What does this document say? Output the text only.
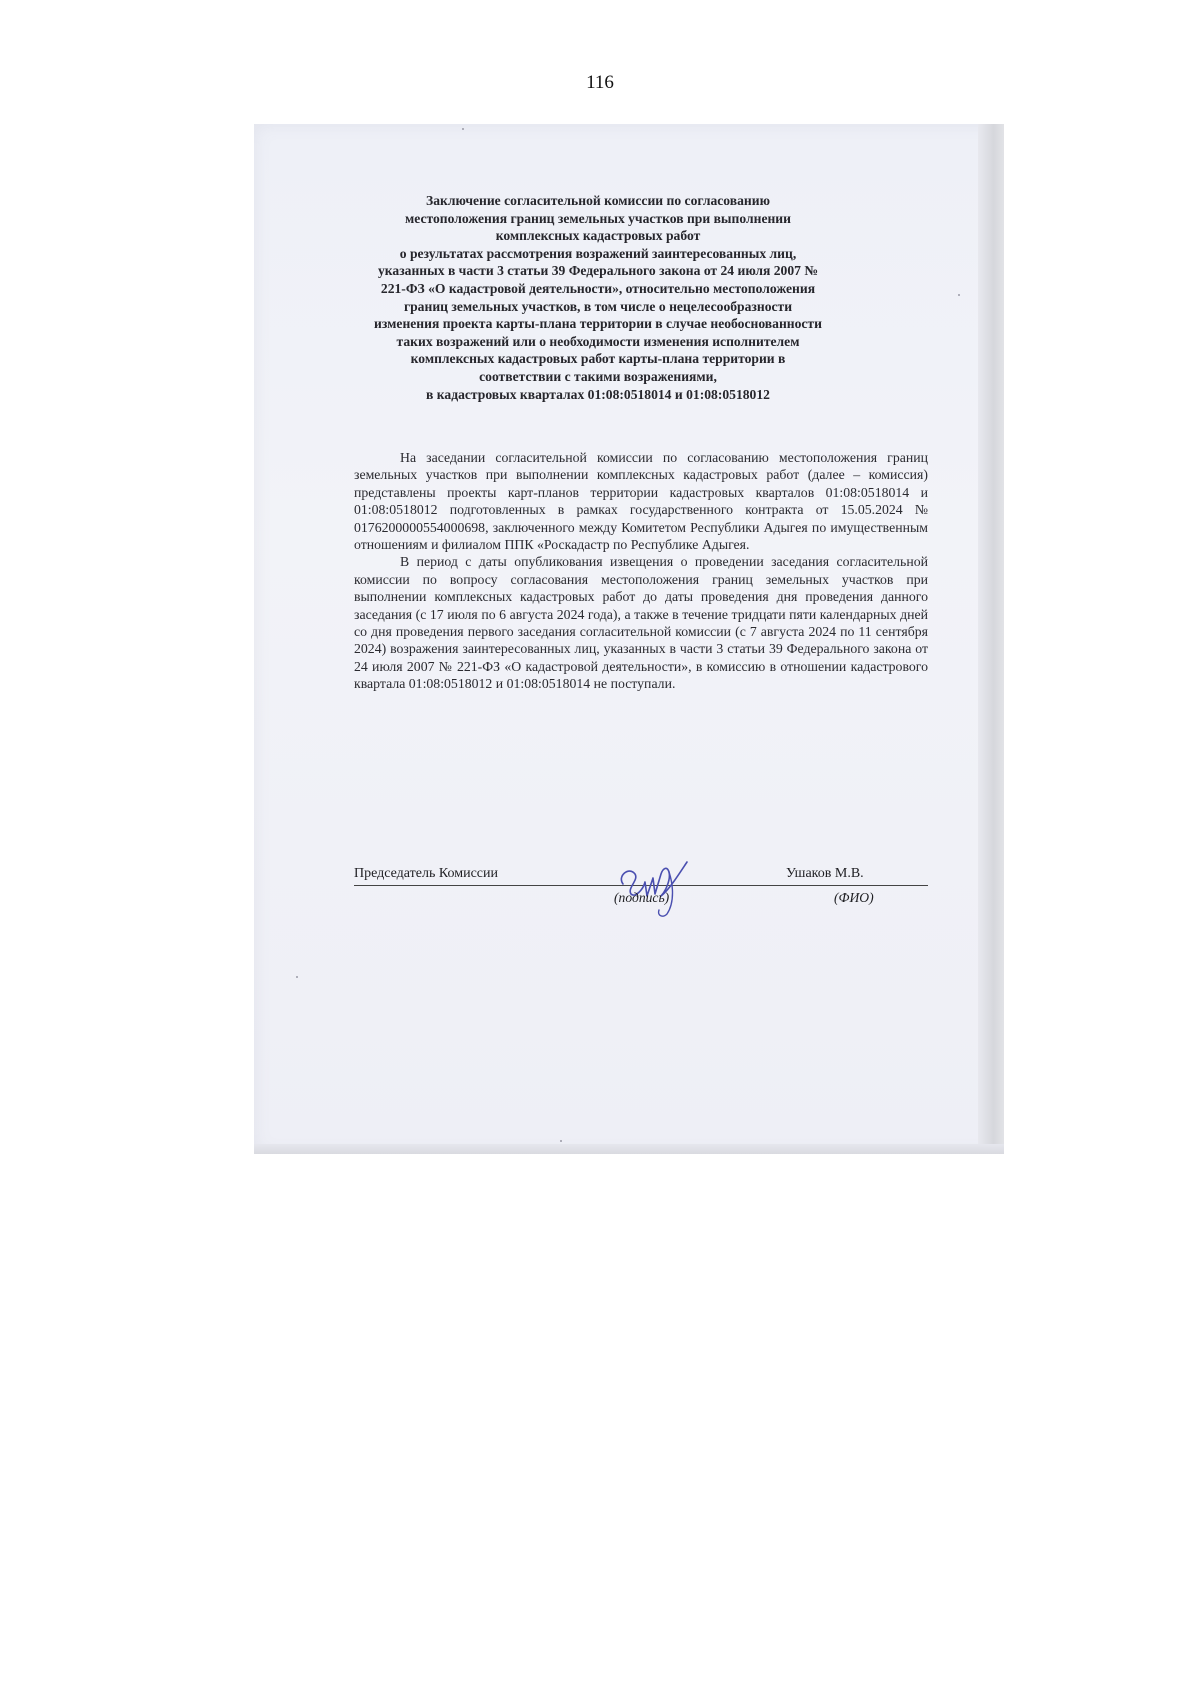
116
Заключение согласительной комиссии по согласованию
местоположения границ земельных участков при выполнении
комплексных кадастровых работ
о результатах рассмотрения возражений заинтересованных лиц,
указанных в части 3 статьи 39 Федерального закона от 24 июля 2007 №
221-ФЗ «О кадастровой деятельности», относительно местоположения
границ земельных участков, в том числе о нецелесообразности
изменения проекта карты-плана территории в случае необоснованности
таких возражений или о необходимости изменения исполнителем
комплексных кадастровых работ карты-плана территории в
соответствии с такими возражениями,
в кадастровых кварталах 01:08:0518014 и 01:08:0518012

На заседании согласительной комиссии по согласованию местоположения границ земельных участков при выполнении комплексных кадастровых работ (далее – комиссия) представлены проекты карт-планов территории кадастровых кварталов 01:08:0518014 и 01:08:0518012 подготовленных в рамках государственного контракта от 15.05.2024 № 0176200000554000698, заключенного между Комитетом Республики Адыгея по имущественным отношениям и филиалом ППК «Роскадастр по Республике Адыгея.

В период с даты опубликования извещения о проведении заседания согласительной комиссии по вопросу согласования местоположения границ земельных участков при выполнении комплексных кадастровых работ до даты проведения дня проведения данного заседания (с 17 июля по 6 августа 2024 года), а также в течение тридцати пяти календарных дней со дня проведения первого заседания согласительной комиссии (с 7 августа 2024 по 11 сентября 2024) возражения заинтересованных лиц, указанных в части 3 статьи 39 Федерального закона от 24 июля 2007 № 221-ФЗ «О кадастровой деятельности», в комиссию в отношении кадастрового квартала 01:08:0518012 и 01:08:0518014 не поступали.

Председатель Комиссии	Ушаков М.В.
(подпись)	(ФИО)
